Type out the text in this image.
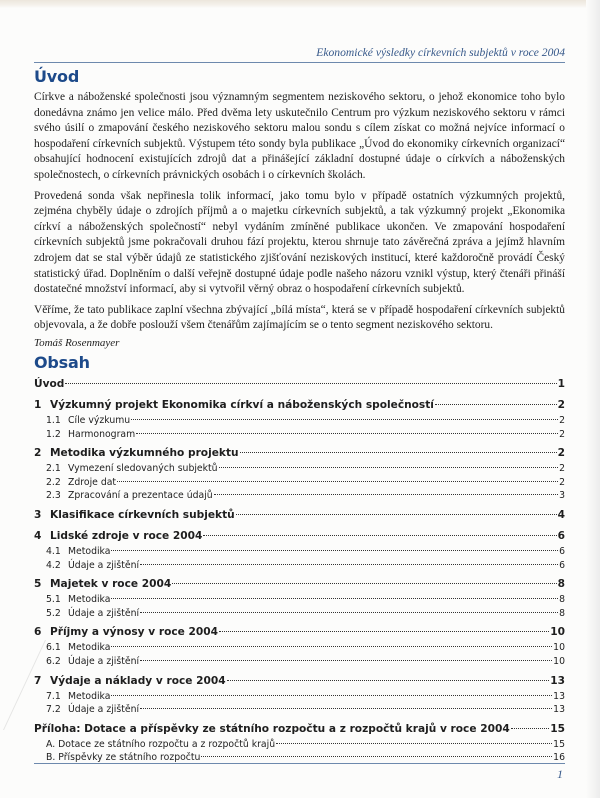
Ekonomické výsledky církevních subjektů v roce 2004
Úvod

Církve a náboženské společnosti jsou významným segmentem neziskového sektoru, o jehož ekonomice toho bylo donedávna známo jen velice málo. Před dvěma lety uskutečnilo Centrum pro výzkum neziskového sektoru v rámci svého úsilí o zmapování českého neziskového sektoru malou sondu s cílem získat co možná nejvíce informací o hospodaření církevních subjektů. Výstupem této sondy byla publikace „Úvod do ekonomiky církevních organizací“ obsahující hodnocení existujících zdrojů dat a přinášející základní dostupné údaje o církvích a náboženských společnostech, o církevních právnických osobách i o církevních školách.

Provedená sonda však nepřinesla tolik informací, jako tomu bylo v případě ostatních výzkumných projektů, zejména chyběly údaje o zdrojích příjmů a o majetku církevních subjektů, a tak výzkumný projekt „Ekonomika církví a náboženských společností“ nebyl vydáním zmíněné publikace ukončen. Ve zmapování hospodaření církevních subjektů jsme pokračovali druhou fází projektu, kterou shrnuje tato závěrečná zpráva a jejímž hlavním zdrojem dat se stal výběr údajů ze statistického zjišťování neziskových institucí, které každoročně provádí Český statistický úřad. Doplněním o další veřejně dostupné údaje podle našeho názoru vznikl výstup, který čtenáři přináší dostatečné množství informací, aby si vytvořil věrný obraz o hospodaření církevních subjektů.

Věříme, že tato publikace zaplní všechna zbývající „bílá místa“, která se v případě hospodaření církevních subjektů objevovala, a že dobře poslouží všem čtenářům zajímajícím se o tento segment neziskového sektoru.

Tomáš Rosenmayer
Obsah
Úvod	1
1 Výzkumný projekt Ekonomika církví a náboženských společností	2
1.1 Cíle výzkumu	2
1.2 Harmonogram	2
2 Metodika výzkumného projektu	2
2.1 Vymezení sledovaných subjektů	2
2.2 Zdroje dat	2
2.3 Zpracování a prezentace údajů	3
3 Klasifikace církevních subjektů	4
4 Lidské zdroje v roce 2004	6
4.1 Metodika	6
4.2 Údaje a zjištění	6
5 Majetek v roce 2004	8
5.1 Metodika	8
5.2 Údaje a zjištění	8
6 Příjmy a výnosy v roce 2004	10
6.1 Metodika	10
6.2 Údaje a zjištění	10
7 Výdaje a náklady v roce 2004	13
7.1 Metodika	13
7.2 Údaje a zjištění	13
Příloha: Dotace a příspěvky ze státního rozpočtu a z rozpočtů krajů v roce 2004	15
A. Dotace ze státního rozpočtu a z rozpočtů krajů	15
B. Příspěvky ze státního rozpočtu	16
1
